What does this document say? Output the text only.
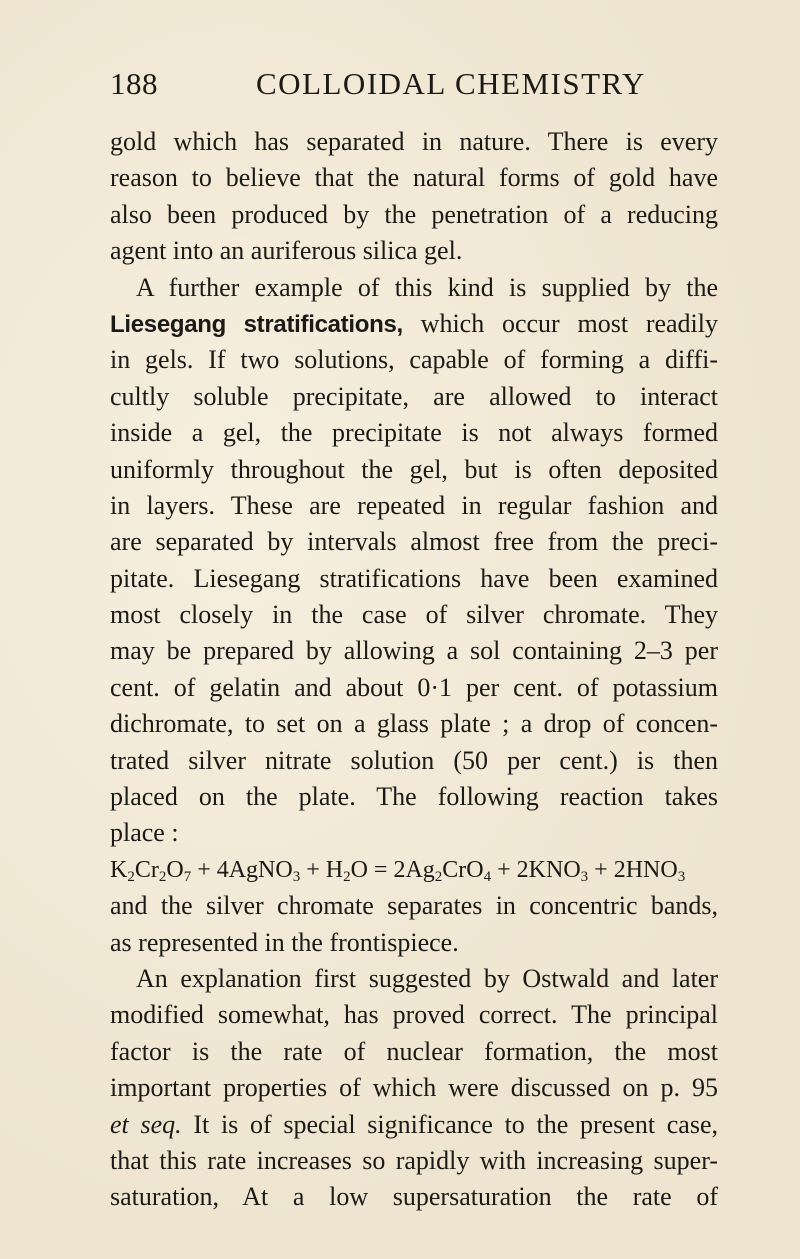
188	COLLOIDAL CHEMISTRY
gold which has separated in nature. There is every
reason to believe that the natural forms of gold have
also been produced by the penetration of a reducing
agent into an auriferous silica gel.
A further example of this kind is supplied by the
Liesegang stratifications, which occur most readily
in gels. If two solutions, capable of forming a diffi-
cultly soluble precipitate, are allowed to interact
inside a gel, the precipitate is not always formed
uniformly throughout the gel, but is often deposited
in layers. These are repeated in regular fashion and
are separated by intervals almost free from the preci-
pitate. Liesegang stratifications have been examined
most closely in the case of silver chromate. They
may be prepared by allowing a sol containing 2–3 per
cent. of gelatin and about 0·1 per cent. of potassium
dichromate, to set on a glass plate ; a drop of concen-
trated silver nitrate solution (50 per cent.) is then
placed on the plate. The following reaction takes
place :
$K_2Cr_2O_7$ + 4AgNO$_3$ + $H_2O = 2Ag_2CrO_4 + 2KNO_3 + 2HNO_3$
and the silver chromate separates in concentric bands,
as represented in the frontispiece.
An explanation first suggested by Ostwald and later
modified somewhat, has proved correct. The principal
factor is the rate of nuclear formation, the most
important properties of which were discussed on p. 95
et seq. It is of special significance to the present case,
that this rate increases so rapidly with increasing super-
saturation, At a low supersaturation the rate of
